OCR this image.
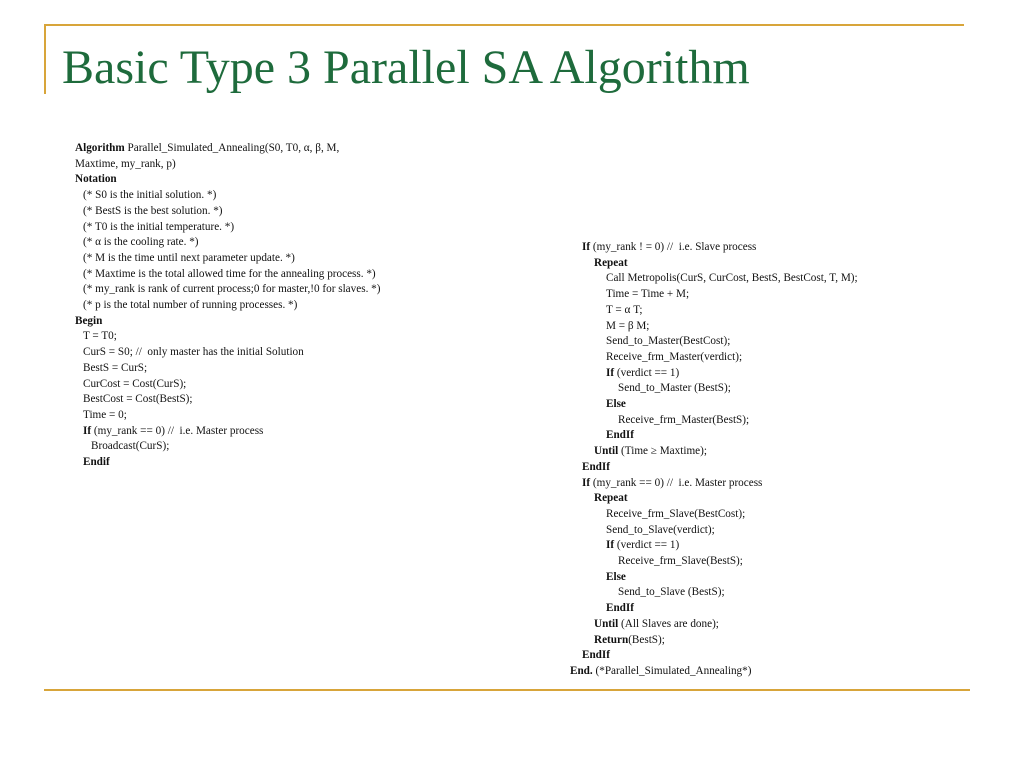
Basic Type 3 Parallel SA Algorithm
Algorithm Parallel_Simulated_Annealing(S0, T0, α, β, M,
Maxtime, my_rank, p)
Notation
(* S0 is the initial solution. *)
(* BestS is the best solution. *)
(* T0 is the initial temperature. *)
(* α is the cooling rate. *)
(* M is the time until next parameter update. *)
(* Maxtime is the total allowed time for the annealing process. *)
(* my_rank is rank of current process;0 for master,!0 for slaves. *)
(* p is the total number of running processes. *)
Begin
T = T0;
CurS = S0; //  only master has the initial Solution
BestS = CurS;
CurCost = Cost(CurS);
BestCost = Cost(BestS);
Time = 0;
If (my_rank == 0) //  i.e. Master process
Broadcast(CurS);
Endif
If (my_rank ! = 0) //  i.e. Slave process
Repeat
Call Metropolis(CurS, CurCost, BestS, BestCost, T, M);
Time = Time + M;
T = α T;
M = β M;
Send_to_Master(BestCost);
Receive_frm_Master(verdict);
If (verdict == 1)
Send_to_Master (BestS);
Else
Receive_frm_Master(BestS);
EndIf
Until (Time ≥ Maxtime);
EndIf
If (my_rank == 0) //  i.e. Master process
Repeat
Receive_frm_Slave(BestCost);
Send_to_Slave(verdict);
If (verdict == 1)
Receive_frm_Slave(BestS);
Else
Send_to_Slave (BestS);
EndIf
Until (All Slaves are done);
Return(BestS);
EndIf
End. (*Parallel_Simulated_Annealing*)
